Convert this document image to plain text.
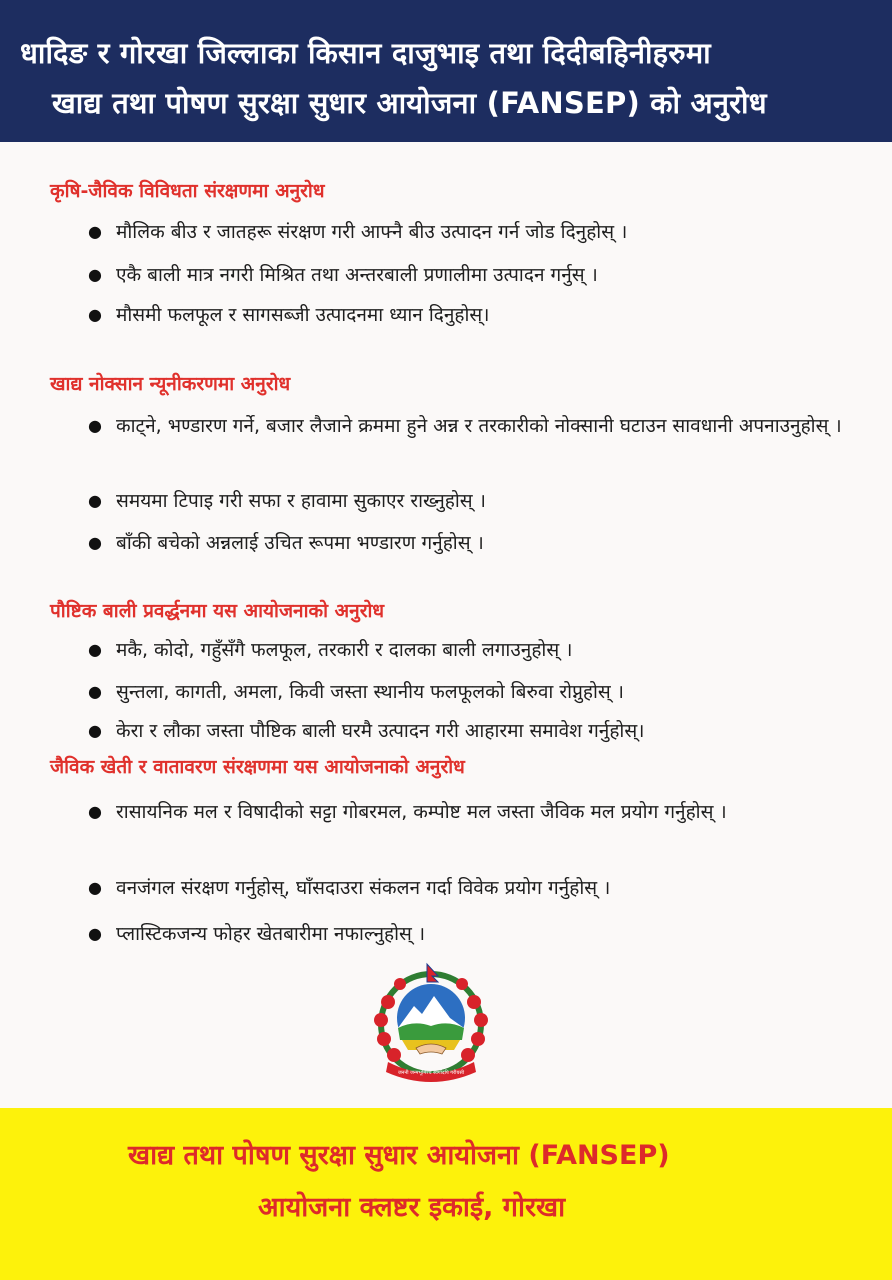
धादिङ र गोरखा जिल्लाका किसान दाजुभाइ तथा दिदीबहिनीहरुमा
खाद्य तथा पोषण सुरक्षा सुधार आयोजना (FANSEP) को अनुरोध
कृषि-जैविक विविधता संरक्षणमा अनुरोध
● मौलिक बीउ र जातहरू संरक्षण गरी आफ्नै बीउ उत्पादन गर्न जोड दिनुहोस् ।
● एकै बाली मात्र नगरी मिश्रित तथा अन्तरबाली प्रणालीमा उत्पादन गर्नुस् ।
● मौसमी फलफूल र सागसब्जी उत्पादनमा ध्यान दिनुहोस्।
खाद्य नोक्सान न्यूनीकरणमा अनुरोध
● काट्ने, भण्डारण गर्ने, बजार लैजाने क्रममा हुने अन्न र तरकारीको नोक्सानी घटाउन सावधानी अपनाउनुहोस् ।
● समयमा टिपाइ गरी सफा र हावामा सुकाएर राख्नुहोस् ।
● बाँकी बचेको अन्नलाई उचित रूपमा भण्डारण गर्नुहोस् ।
पौष्टिक बाली प्रवर्द्धनमा यस आयोजनाको अनुरोध
● मकै, कोदो, गहुँसँगै फलफूल, तरकारी र दालका बाली लगाउनुहोस् ।
● सुन्तला, कागती, अमला, किवी जस्ता स्थानीय फलफूलको बिरुवा रोप्नुहोस् ।
● केरा र लौका जस्ता पौष्टिक बाली घरमै उत्पादन गरी आहारमा समावेश गर्नुहोस्।
जैविक खेती र वातावरण संरक्षणमा यस आयोजनाको अनुरोध
● रासायनिक मल र विषादीको सट्टा गोबरमल, कम्पोष्ट मल जस्ता जैविक मल प्रयोग गर्नुहोस् ।
● वनजंगल संरक्षण गर्नुहोस्, घाँसदाउरा संकलन गर्दा विवेक प्रयोग गर्नुहोस् ।
● प्लास्टिकजन्य फोहर खेतबारीमा नफाल्नुहोस् ।
जननी जन्मभूमिश्च स्वर्गादपि गरीयसी
खाद्य तथा पोषण सुरक्षा सुधार आयोजना (FANSEP)
आयोजना क्लष्टर इकाई, गोरखा
